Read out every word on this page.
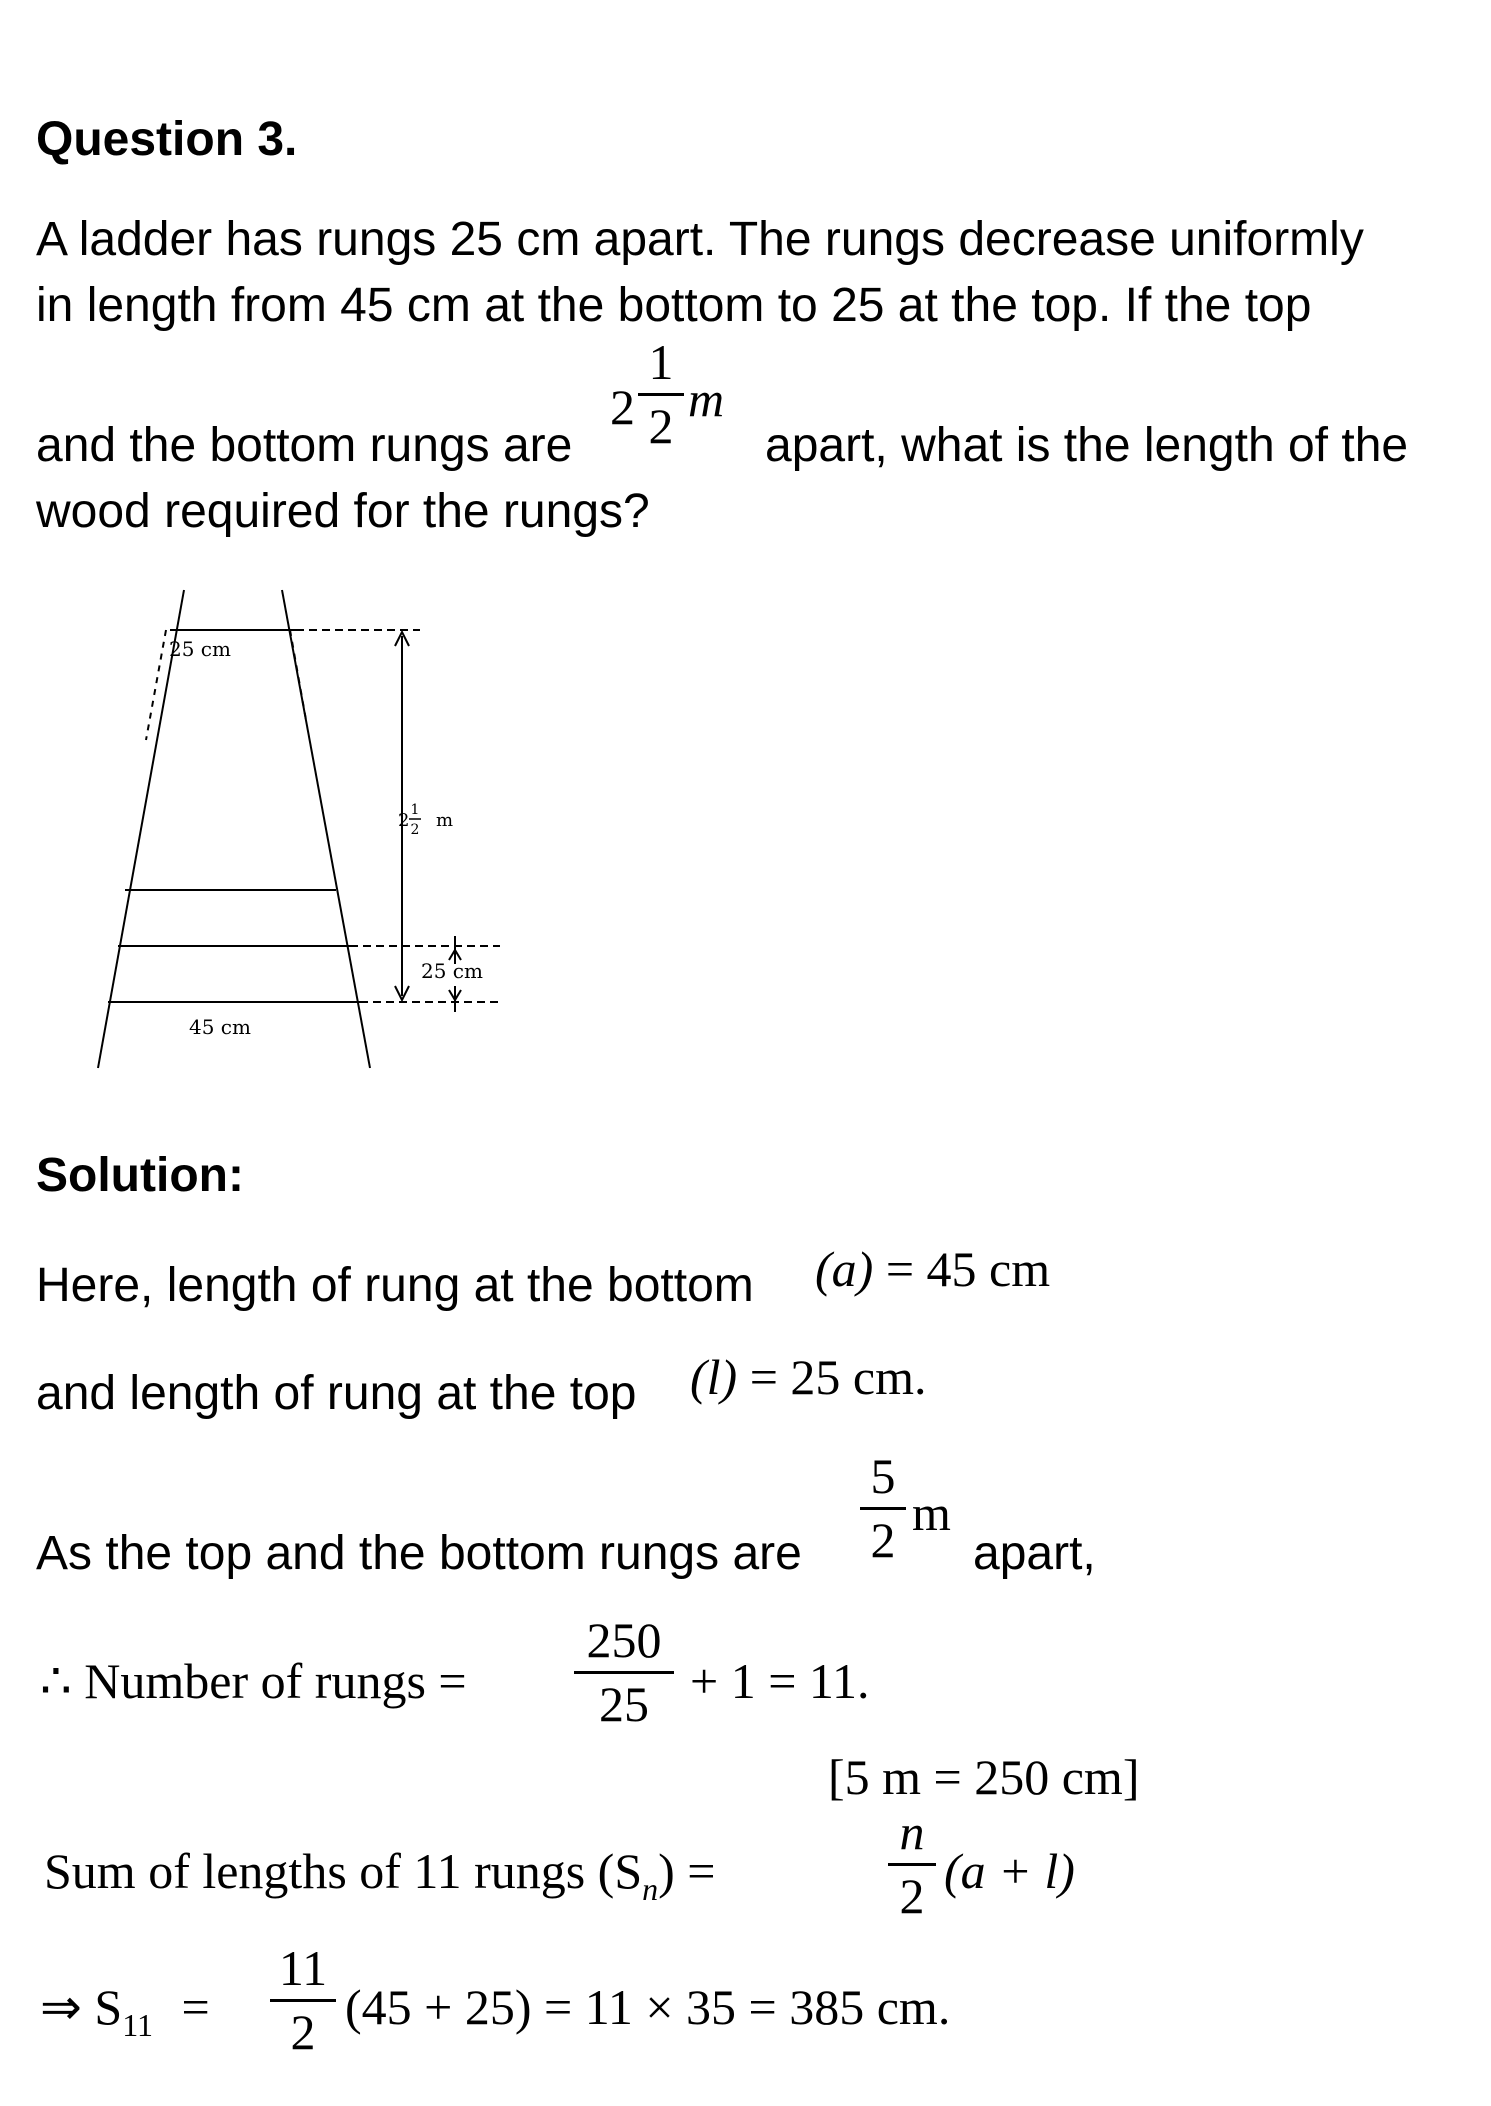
Question 3.
A ladder has rungs 25 cm apart. The rungs decrease uniformly
in length from 45 cm at the bottom to 25 at the top. If the top
and the bottom rungs are
2
1
2 m
apart, what is the length of the
wood required for the rungs?
25 cm
45 cm
25 cm
2 1
2 m
Solution:
Here, length of rung at the bottom (a) = 45 cm
and length of rung at the top (l) = 25 cm.
As the top and the bottom rungs are $\frac{5}{2}$ m
apart,
∴ Number of rungs = $\frac{250}{25} + 1 = 11$.
[5 m = 250 cm]
Sum of lengths of 11 rungs $(S_n)$ =	$\frac{n}{2} (a + l)$
⇒ $S_{11} = \frac{11}{2} (45 + 25) = 11 \times 35 = 385$ cm.
